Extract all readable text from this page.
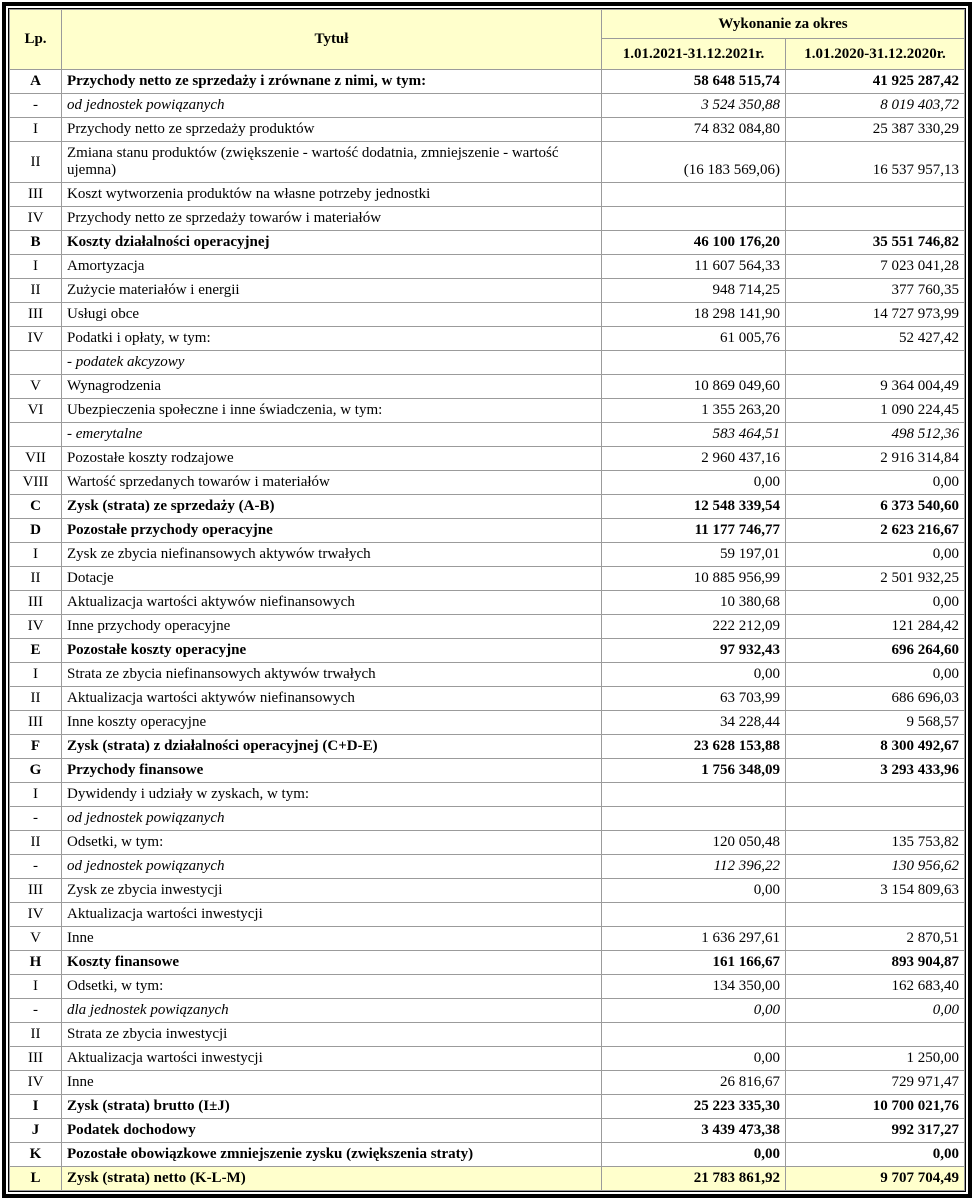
Lp.	Tytuł	Wykonanie za okres	
		1.01.2021-31.12.2021r.	1.01.2020-31.12.2020r.
A	Przychody netto ze sprzedaży i zrównane z nimi, w tym:	58 648 515,74	41 925 287,42
-	od jednostek powiązanych	3 524 350,88	8 019 403,72
I	Przychody netto ze sprzedaży produktów	74 832 084,80	25 387 330,29
II	Zmiana stanu produktów (zwiększenie - wartość dodatnia, zmniejszenie - wartość ujemna)	(16 183 569,06)	16 537 957,13
III	Koszt wytworzenia produktów na własne potrzeby jednostki		
IV	Przychody netto ze sprzedaży towarów i materiałów		
B	Koszty działalności operacyjnej	46 100 176,20	35 551 746,82
I	Amortyzacja	11 607 564,33	7 023 041,28
II	Zużycie materiałów i energii	948 714,25	377 760,35
III	Usługi obce	18 298 141,90	14 727 973,99
IV	Podatki i opłaty, w tym:	61 005,76	52 427,42
	- podatek akcyzowy		
V	Wynagrodzenia	10 869 049,60	9 364 004,49
VI	Ubezpieczenia społeczne i inne świadczenia, w tym:	1 355 263,20	1 090 224,45
	- emerytalne	583 464,51	498 512,36
VII	Pozostałe koszty rodzajowe	2 960 437,16	2 916 314,84
VIII	Wartość sprzedanych towarów i materiałów	0,00	0,00
C	Zysk (strata) ze sprzedaży (A-B)	12 548 339,54	6 373 540,60
D	Pozostałe przychody operacyjne	11 177 746,77	2 623 216,67
I	Zysk ze zbycia niefinansowych aktywów trwałych	59 197,01	0,00
II	Dotacje	10 885 956,99	2 501 932,25
III	Aktualizacja wartości aktywów niefinansowych	10 380,68	0,00
IV	Inne przychody operacyjne	222 212,09	121 284,42
E	Pozostałe koszty operacyjne	97 932,43	696 264,60
I	Strata ze zbycia niefinansowych aktywów trwałych	0,00	0,00
II	Aktualizacja wartości aktywów niefinansowych	63 703,99	686 696,03
III	Inne koszty operacyjne	34 228,44	9 568,57
F	Zysk (strata) z działalności operacyjnej (C+D-E)	23 628 153,88	8 300 492,67
G	Przychody finansowe	1 756 348,09	3 293 433,96
I	Dywidendy i udziały w zyskach, w tym:		
-	od jednostek powiązanych		
II	Odsetki, w tym:	120 050,48	135 753,82
-	od jednostek powiązanych	112 396,22	130 956,62
III	Zysk ze zbycia inwestycji	0,00	3 154 809,63
IV	Aktualizacja wartości inwestycji		
V	Inne	1 636 297,61	2 870,51
H	Koszty finansowe	161 166,67	893 904,87
I	Odsetki, w tym:	134 350,00	162 683,40
-	dla jednostek powiązanych	0,00	0,00
II	Strata ze zbycia inwestycji		
III	Aktualizacja wartości inwestycji	0,00	1 250,00
IV	Inne	26 816,67	729 971,47
I	Zysk (strata) brutto (I±J)	25 223 335,30	10 700 021,76
J	Podatek dochodowy	3 439 473,38	992 317,27
K	Pozostałe obowiązkowe zmniejszenie zysku (zwiększenia straty)	0,00	0,00
L	Zysk (strata) netto (K-L-M)	21 783 861,92	9 707 704,49
